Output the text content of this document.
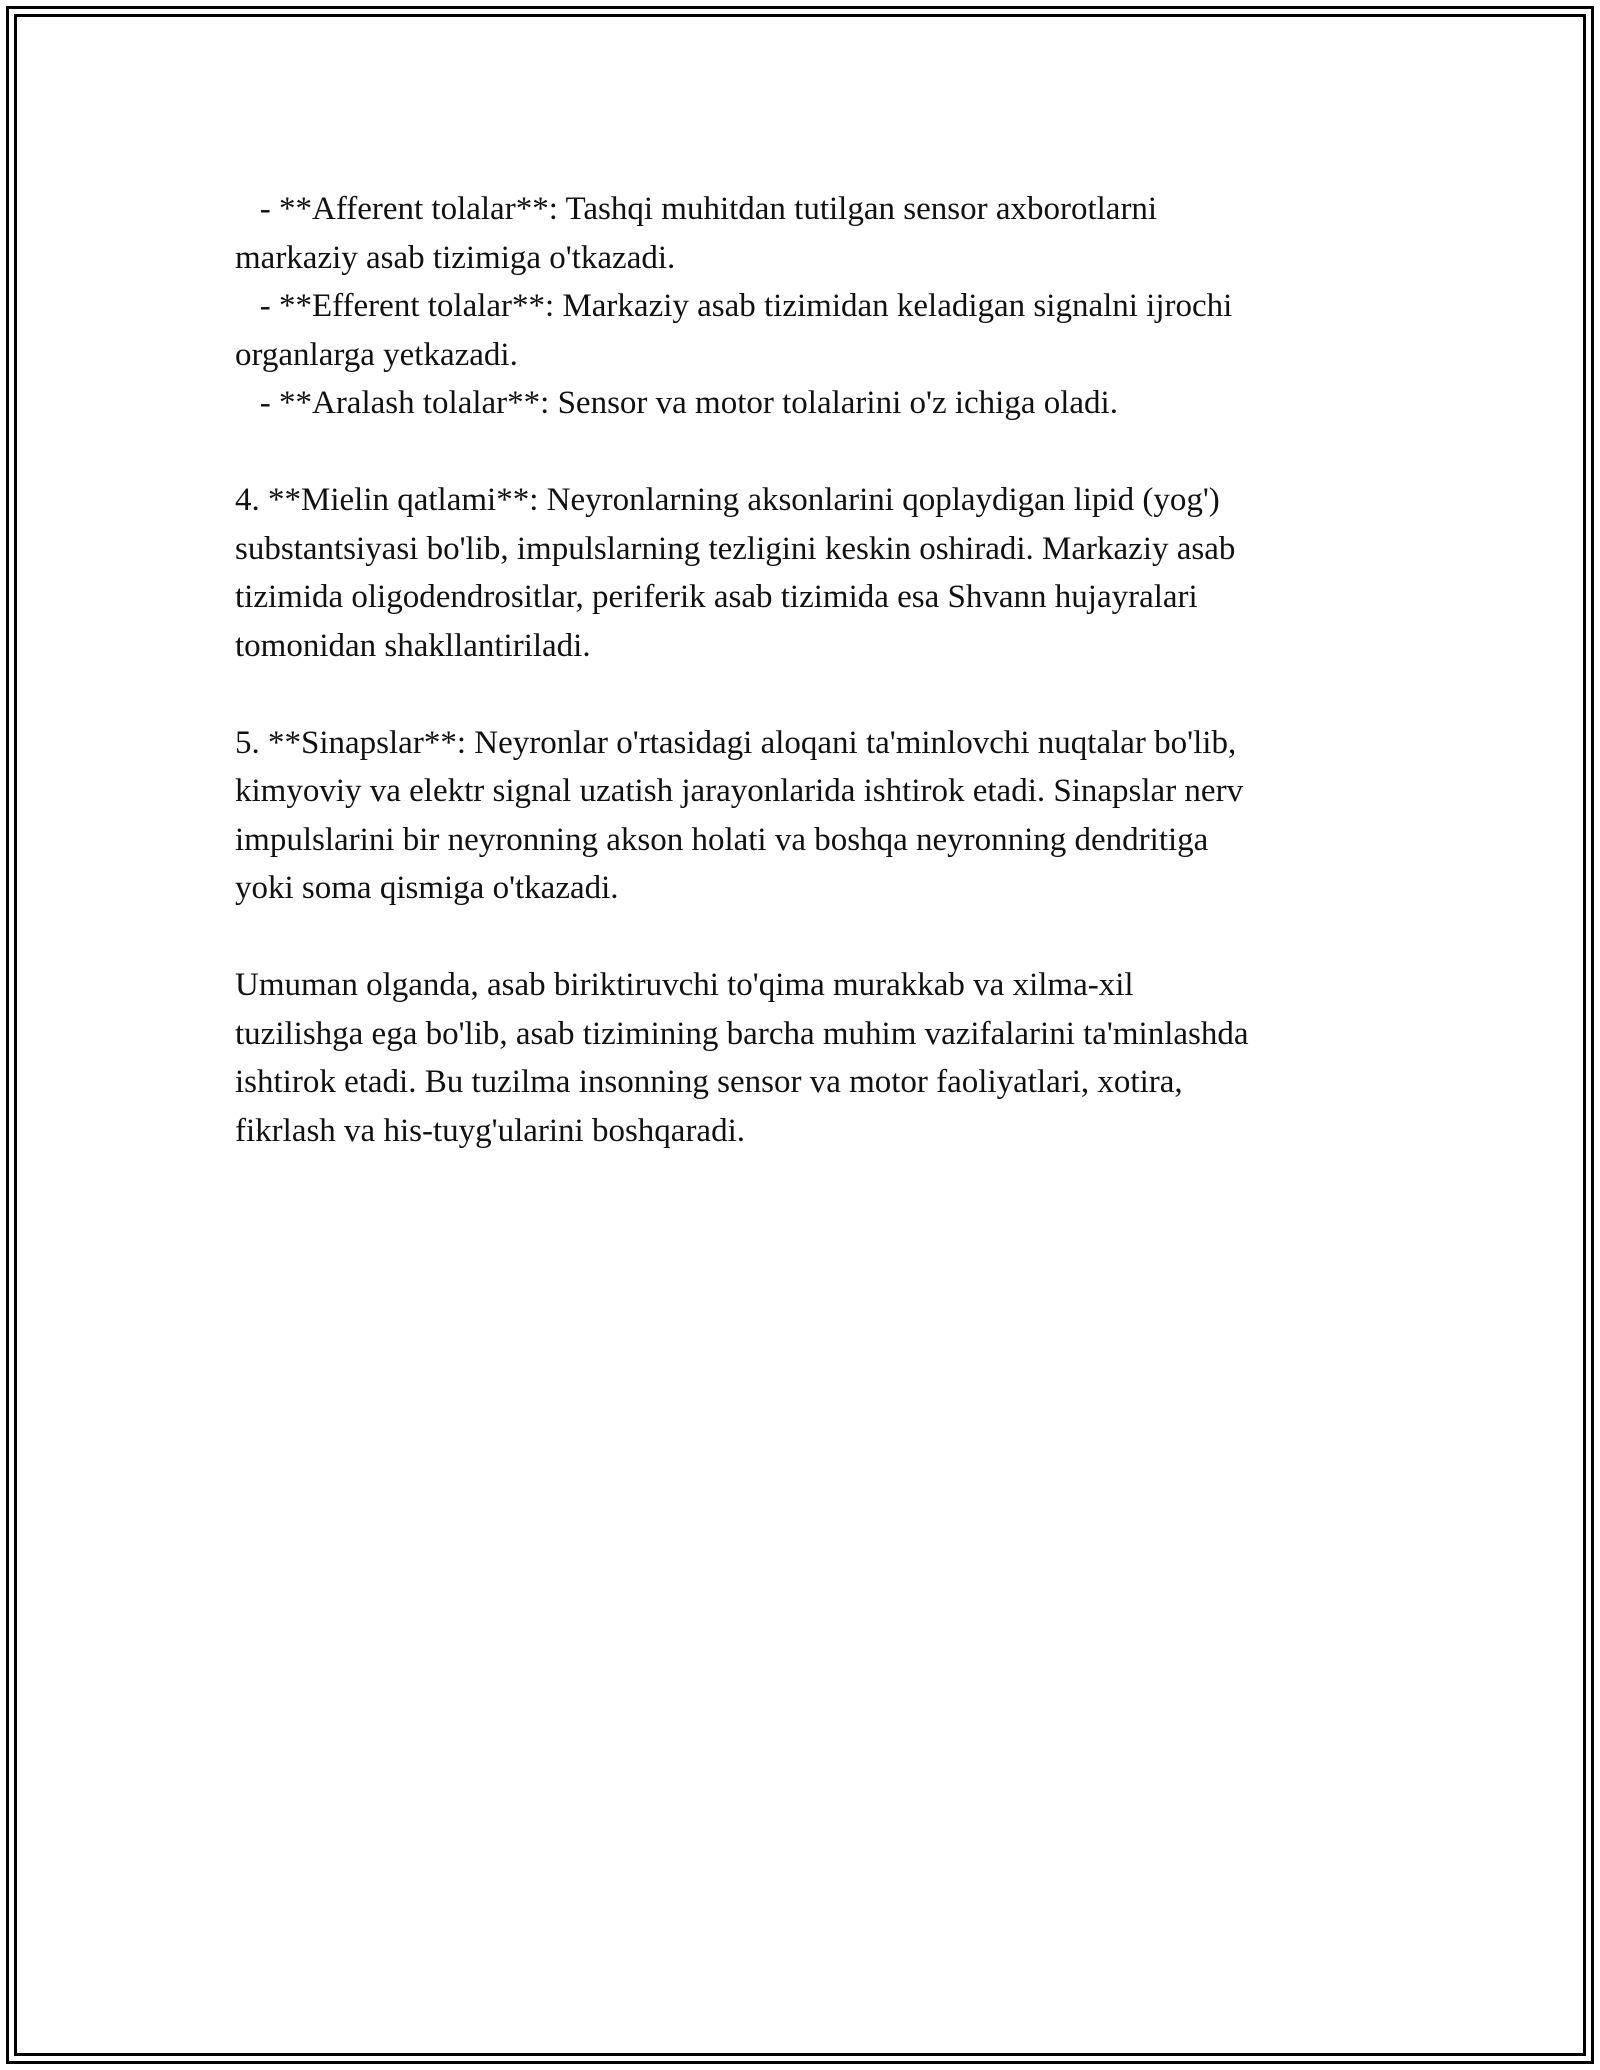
- **Afferent tolalar**: Tashqi muhitdan tutilgan sensor axborotlarni
markaziy asab tizimiga o'tkazadi.
- **Efferent tolalar**: Markaziy asab tizimidan keladigan signalni ijrochi
organlarga yetkazadi.
- **Aralash tolalar**: Sensor va motor tolalarini o'z ichiga oladi.

4. **Mielin qatlami**: Neyronlarning aksonlarini qoplaydigan lipid (yog')
substantsiyasi bo'lib, impulslarning tezligini keskin oshiradi. Markaziy asab
tizimida oligodendrositlar, periferik asab tizimida esa Shvann hujayralari
tomonidan shakllantiriladi.

5. **Sinapslar**: Neyronlar o'rtasidagi aloqani ta'minlovchi nuqtalar bo'lib,
kimyoviy va elektr signal uzatish jarayonlarida ishtirok etadi. Sinapslar nerv
impulslarini bir neyronning akson holati va boshqa neyronning dendritiga
yoki soma qismiga o'tkazadi.

Umuman olganda, asab biriktiruvchi to'qima murakkab va xilma-xil
tuzilishga ega bo'lib, asab tizimining barcha muhim vazifalarini ta'minlashda
ishtirok etadi. Bu tuzilma insonning sensor va motor faoliyatlari, xotira,
fikrlash va his-tuyg'ularini boshqaradi.
